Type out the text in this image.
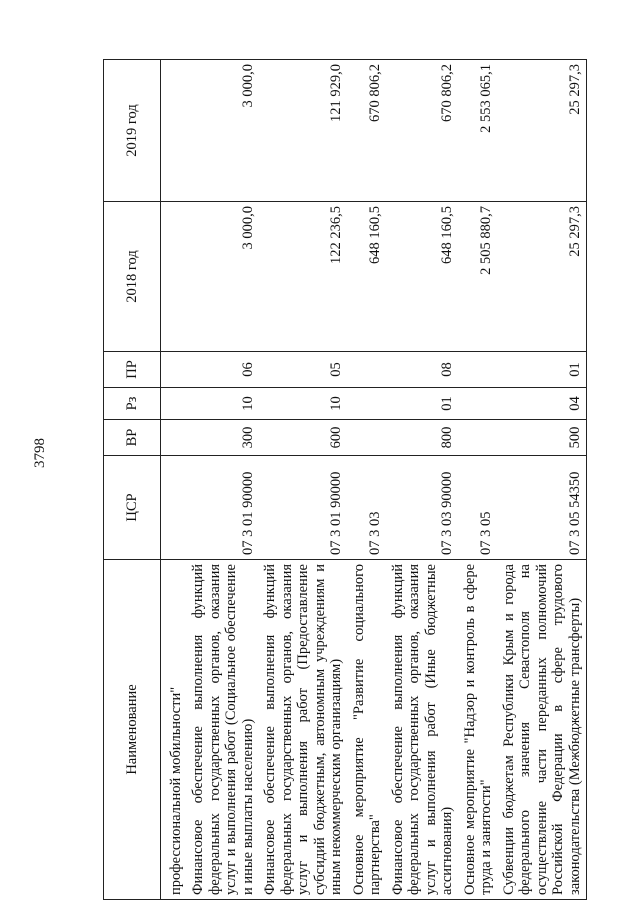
3798
Наименование	ЦСР	ВР	Рз	ПР	2018 год	2019 год
профессиональной мобильности"						
Финансовое обеспечение выполнения функций федеральных государственных органов, оказания услуг и выполнения работ (Социальное обеспечение и иные выплаты населению)	07 3 01 90000	300	10	06	3 000,0	3 000,0
Финансовое обеспечение выполнения функций федеральных государственных органов, оказания услуг и выполнения работ (Предоставление субсидий бюджетным, автономным учреждениям и иным некоммерческим организациям)	07 3 01 90000	600	10	05	122 236,5	121 929,0
Основное мероприятие "Развитие социального партнерства"	07 3 03				648 160,5	670 806,2
Финансовое обеспечение выполнения функций федеральных государственных органов, оказания услуг и выполнения работ (Иные бюджетные ассигнования)	07 3 03 90000	800	01	08	648 160,5	670 806,2
Основное мероприятие "Надзор и контроль в сфере труда и занятости"	07 3 05				2 505 880,7	2 553 065,1
Субвенции бюджетам Республики Крым и города федерального значения Севастополя на осуществление части переданных полномочий Российской Федерации в сфере трудового законодательства (Межбюджетные трансферты)	07 3 05 54350	500	04	01	25 297,3	25 297,3
